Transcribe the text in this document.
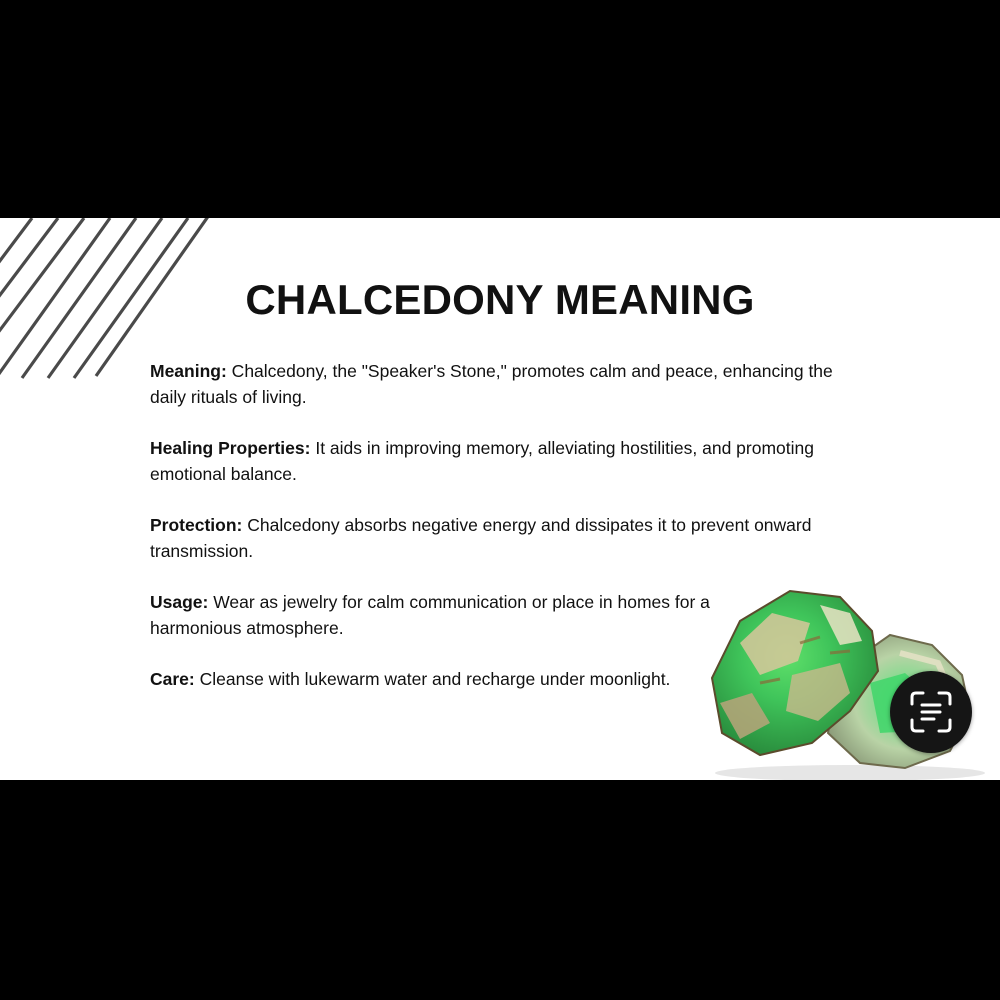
CHALCEDONY MEANING

Meaning: Chalcedony, the "Speaker's Stone," promotes calm and peace, enhancing the daily rituals of living.

Healing Properties: It aids in improving memory, alleviating hostilities, and promoting emotional balance.

Protection: Chalcedony absorbs negative energy and dissipates it to prevent onward transmission.

Usage: Wear as jewelry for calm communication or place in homes for a harmonious atmosphere.

Care: Cleanse with lukewarm water and recharge under moonlight.
